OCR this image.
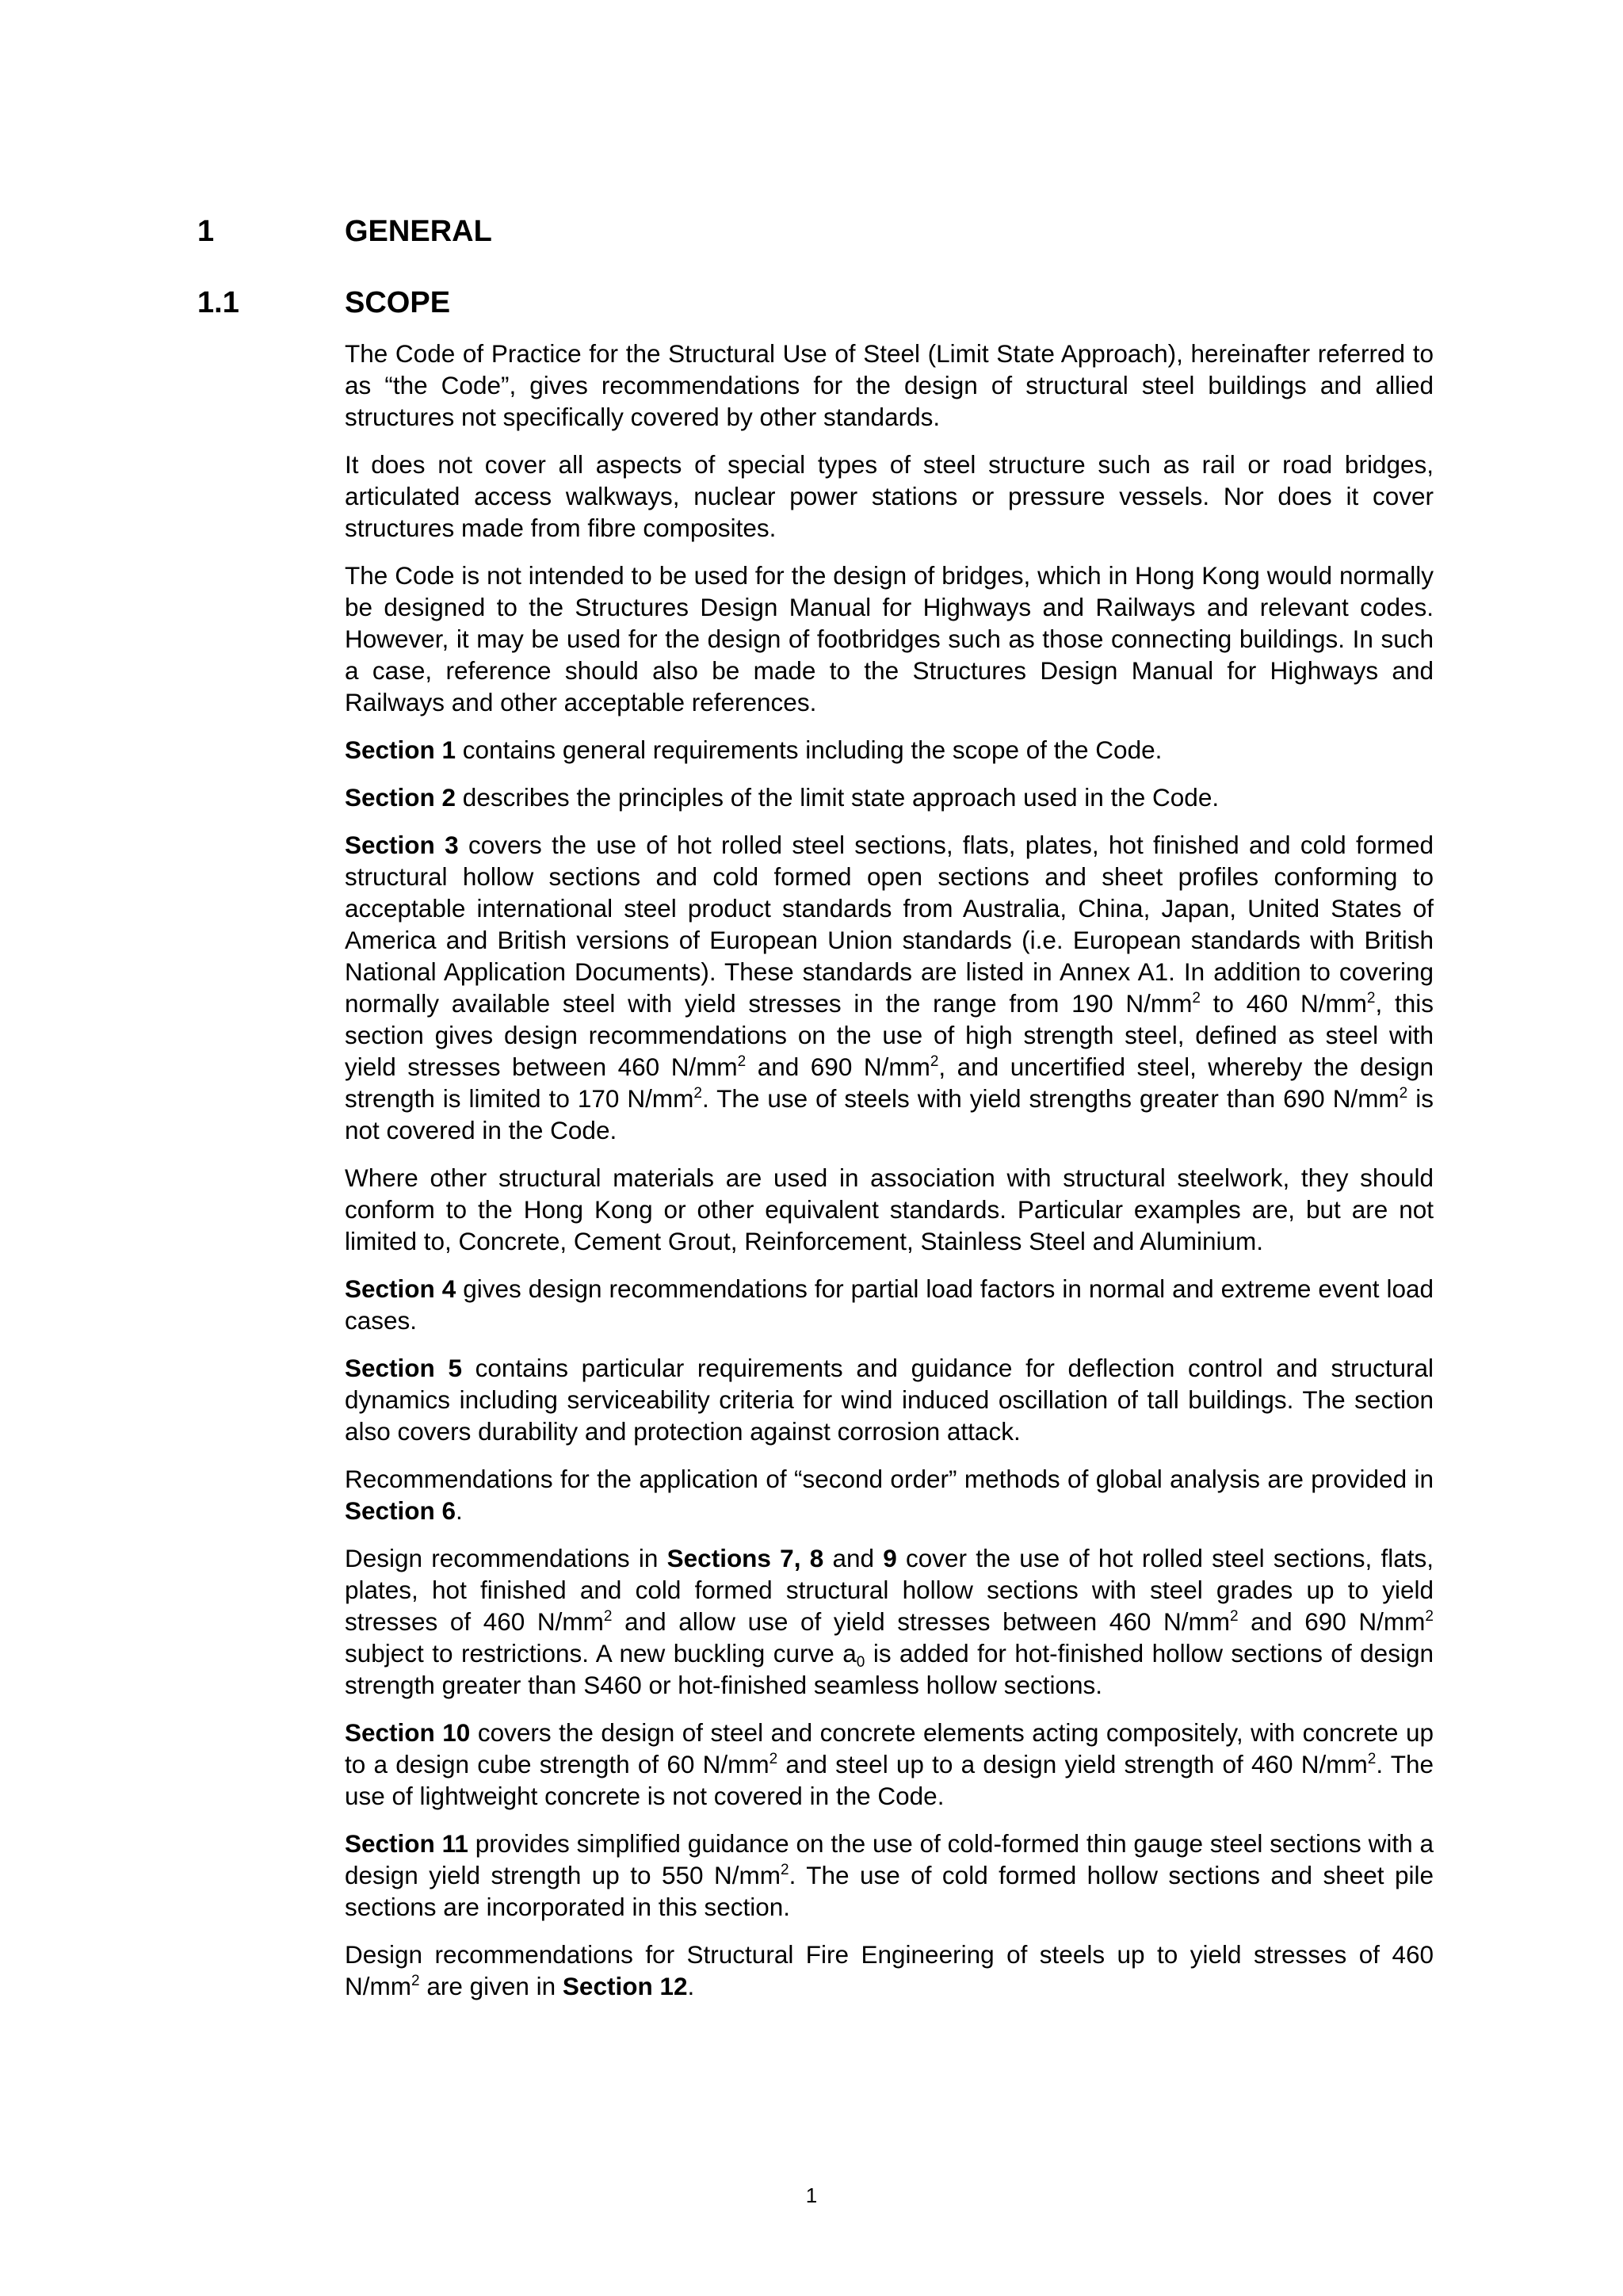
1	GENERAL
1.1	SCOPE

The Code of Practice for the Structural Use of Steel (Limit State Approach), hereinafter referred to as “the Code”, gives recommendations for the design of structural steel buildings and allied structures not specifically covered by other standards.

It does not cover all aspects of special types of steel structure such as rail or road bridges, articulated access walkways, nuclear power stations or pressure vessels. Nor does it cover structures made from fibre composites.

The Code is not intended to be used for the design of bridges, which in Hong Kong would normally be designed to the Structures Design Manual for Highways and Railways and relevant codes. However, it may be used for the design of footbridges such as those connecting buildings. In such a case, reference should also be made to the Structures Design Manual for Highways and Railways and other acceptable references.

Section 1 contains general requirements including the scope of the Code.

Section 2 describes the principles of the limit state approach used in the Code.

Section 3 covers the use of hot rolled steel sections, flats, plates, hot finished and cold formed structural hollow sections and cold formed open sections and sheet profiles conforming to acceptable international steel product standards from Australia, China, Japan, United States of America and British versions of European Union standards (i.e. European standards with British National Application Documents). These standards are listed in Annex A1. In addition to covering normally available steel with yield stresses in the range from 190 $N/mm^2$ to 460 $N/mm^2$, this section gives design recommendations on the use of high strength steel, defined as steel with yield stresses between 460 $N/mm^2$ and 690 $N/mm^2$, and uncertified steel, whereby the design strength is limited to 170 $N/mm^2$. The use of steels with yield strengths greater than 690 $N/mm^2$ is not covered in the Code.

Where other structural materials are used in association with structural steelwork, they should conform to the Hong Kong or other equivalent standards. Particular examples are, but are not limited to, Concrete, Cement Grout, Reinforcement, Stainless Steel and Aluminium.

Section 4 gives design recommendations for partial load factors in normal and extreme event load cases.

Section 5 contains particular requirements and guidance for deflection control and structural dynamics including serviceability criteria for wind induced oscillation of tall buildings. The section also covers durability and protection against corrosion attack.

Recommendations for the application of “second order” methods of global analysis are provided in Section 6.

Design recommendations in Sections 7, 8 and 9 cover the use of hot rolled steel sections, flats, plates, hot finished and cold formed structural hollow sections with steel grades up to yield stresses of 460 $N/mm^2$ and allow use of yield stresses between 460 $N/mm^2$ and 690 $N/mm^2$ subject to restrictions. A new buckling curve $a_0$ is added for hot-finished hollow sections of design strength greater than S460 or hot-finished seamless hollow sections.

Section 10 covers the design of steel and concrete elements acting compositely, with concrete up to a design cube strength of 60 $N/mm^2$ and steel up to a design yield strength of 460 $N/mm^2$. The use of lightweight concrete is not covered in the Code.

Section 11 provides simplified guidance on the use of cold-formed thin gauge steel sections with a design yield strength up to 550 $N/mm^2$. The use of cold formed hollow sections and sheet pile sections are incorporated in this section.

Design recommendations for Structural Fire Engineering of steels up to yield stresses of 460 $N/mm^2$ are given in Section 12.

1
